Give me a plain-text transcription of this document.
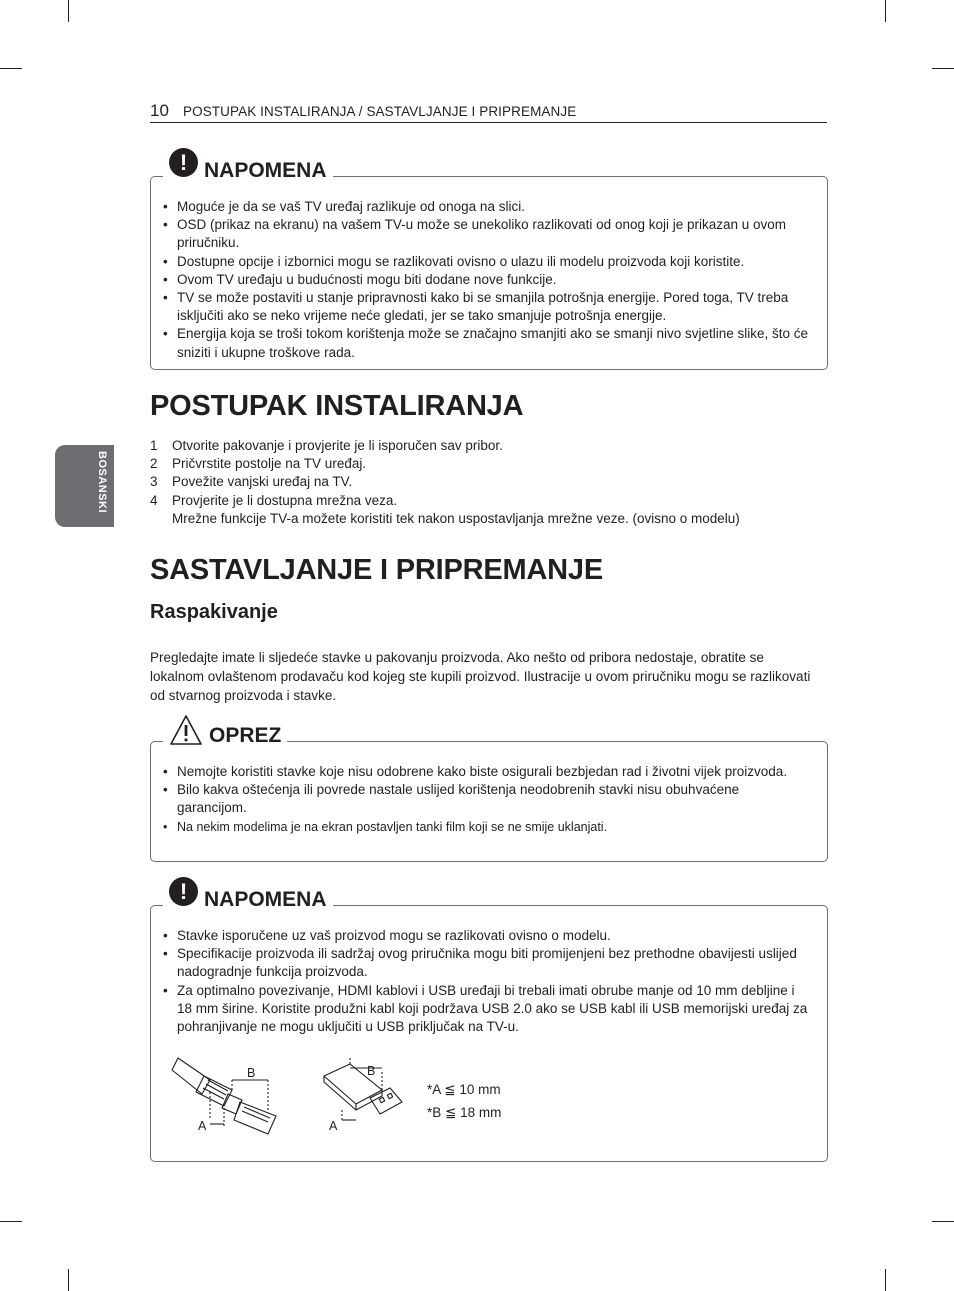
10 POSTUPAK INSTALIRANJA / SASTAVLJANJE I PRIPREMANJE
BOSANSKI
! NAPOMENA
• Moguće je da se vaš TV uređaj razlikuje od onoga na slici.
• OSD (prikaz na ekranu) na vašem TV-u može se unekoliko razlikovati od onog koji je prikazan u ovom priručniku.
• Dostupne opcije i izbornici mogu se razlikovati ovisno o ulazu ili modelu proizvoda koji koristite.
• Ovom TV uređaju u budućnosti mogu biti dodane nove funkcije.
• TV se može postaviti u stanje pripravnosti kako bi se smanjila potrošnja energije. Pored toga, TV treba isključiti ako se neko vrijeme neće gledati, jer se tako smanjuje potrošnja energije.
• Energija koja se troši tokom korištenja može se značajno smanjiti ako se smanji nivo svjetline slike, što će sniziti i ukupne troškove rada.
POSTUPAK INSTALIRANJA
1 Otvorite pakovanje i provjerite je li isporučen sav pribor.
2 Pričvrstite postolje na TV uređaj.
3 Povežite vanjski uređaj na TV.
4 Provjerite je li dostupna mrežna veza.
Mrežne funkcije TV-a možete koristiti tek nakon uspostavljanja mrežne veze. (ovisno o modelu)
SASTAVLJANJE I PRIPREMANJE
Raspakivanje

Pregledajte imate li sljedeće stavke u pakovanju proizvoda. Ako nešto od pribora nedostaje, obratite se lokalnom ovlaštenom prodavaču kod kojeg ste kupili proizvod. Ilustracije u ovom priručniku mogu se razlikovati od stvarnog proizvoda i stavke.

OPREZ
• Nemojte koristiti stavke koje nisu odobrene kako biste osigurali bezbjedan rad i životni vijek proizvoda.
• Bilo kakva oštećenja ili povrede nastale uslijed korištenja neodobrenih stavki nisu obuhvaćene garancijom.
• Na nekim modelima je na ekran postavljen tanki film koji se ne smije uklanjati.
! NAPOMENA
• Stavke isporučene uz vaš proizvod mogu se razlikovati ovisno o modelu.
• Specifikacije proizvoda ili sadržaj ovog priručnika mogu biti promijenjeni bez prethodne obavijesti uslijed nadogradnje funkcija proizvoda.
• Za optimalno povezivanje, HDMI kablovi i USB uređaji bi trebali imati obrube manje od 10 mm debljine i 18 mm širine. Koristite produžni kabl koji podržava USB 2.0 ako se USB kabl ili USB memorijski uređaj za pohranjivanje ne mogu uključiti u USB priključak na TV-u.
B
A
B
A
*A ≦ 10 mm
*B ≦ 18 mm
